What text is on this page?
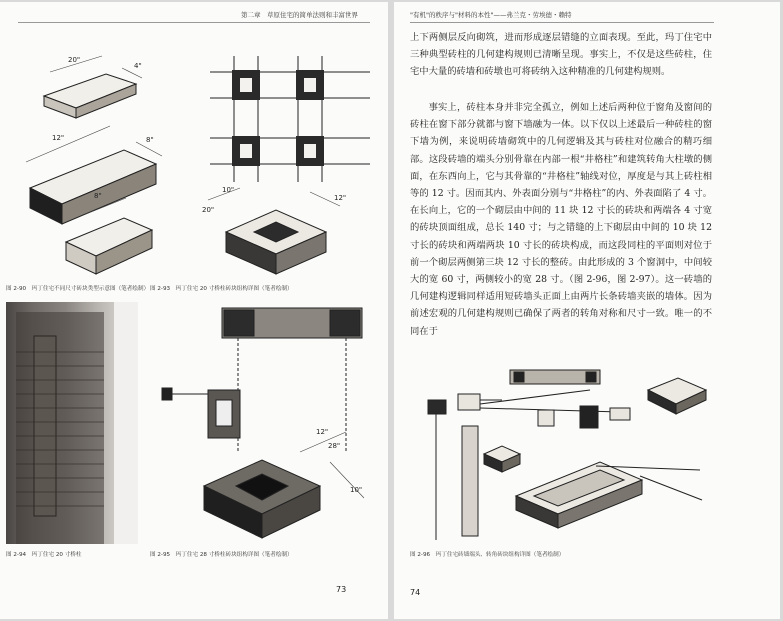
第二章　草原住宅的简单法则和丰富世界
20"
4"
12"	8"
8"
图 2-90　玛丁住宅不同尺寸砖块类型示意图（笔者绘制）
10"
20"
12"
图 2-93　玛丁住宅 20 寸桥柱砖块组构详图（笔者绘制）
图 2-94　玛丁住宅 20 寸桥柱
12"
28"
10"
图 2-95　玛丁住宅 28 寸桥柱砖块组构详图（笔者绘制）
73
"有机"的秩序与"材料的本性"——弗兰克・劳埃德・赖特

上下两侧层反向砌筑，进而形成逐层错缝的立面表现。至此，玛丁住宅中三种典型砖柱的几何建构规则已清晰呈现。事实上，不仅是这些砖柱，住宅中大量的砖墙和砖墩也可将砖纳入这种精准的几何建构规则。

事实上，砖柱本身并非完全孤立，例如上述后两种位于窗角及窗间的砖柱在窗下部分就都与窗下墙融为一体。以下仅以上述最后一种砖柱的窗下墙为例，来说明砖墙砌筑中的几何逻辑及其与砖柱对位融合的精巧细部。这段砖墙的端头分别骨靠在内部一根“井格柱”和建筑转角大柱墩的侧面，在东西向上，它与其骨靠的“井格柱”轴线对位，厚度是与其上砖柱相等的 12 寸。因而其内、外表面分别与“井格柱”的内、外表面陷了 4 寸。在长向上，它的一个砌层由中间的 11 块 12 寸长的砖块和两端各 4 寸宽的砖块顶面组成，总长 140 寸；与之错缝的上下砌层由中间的 10 块 12 寸长的砖块和两端两块 10 寸长的砖块构成，而这段同柱的平面则对位于前一个砌层两侧第三块 12 寸长的整砖。由此形成的 3 个窗洞中，中间较大的宽 60 寸，两侧较小的宽 28 寸。（图 2-96，图 2-97）。这一砖墙的几何建构逻辑同样适用短砖墙头正面上由两片长条砖墙夹嵌的墙体。因为前述宏观的几何建构规则已确保了两者的转角对称和尺寸一致。唯一的不同在于

图 2-96　玛丁住宅砖墙端头、转角砖块组构详图（笔者绘制）
74
